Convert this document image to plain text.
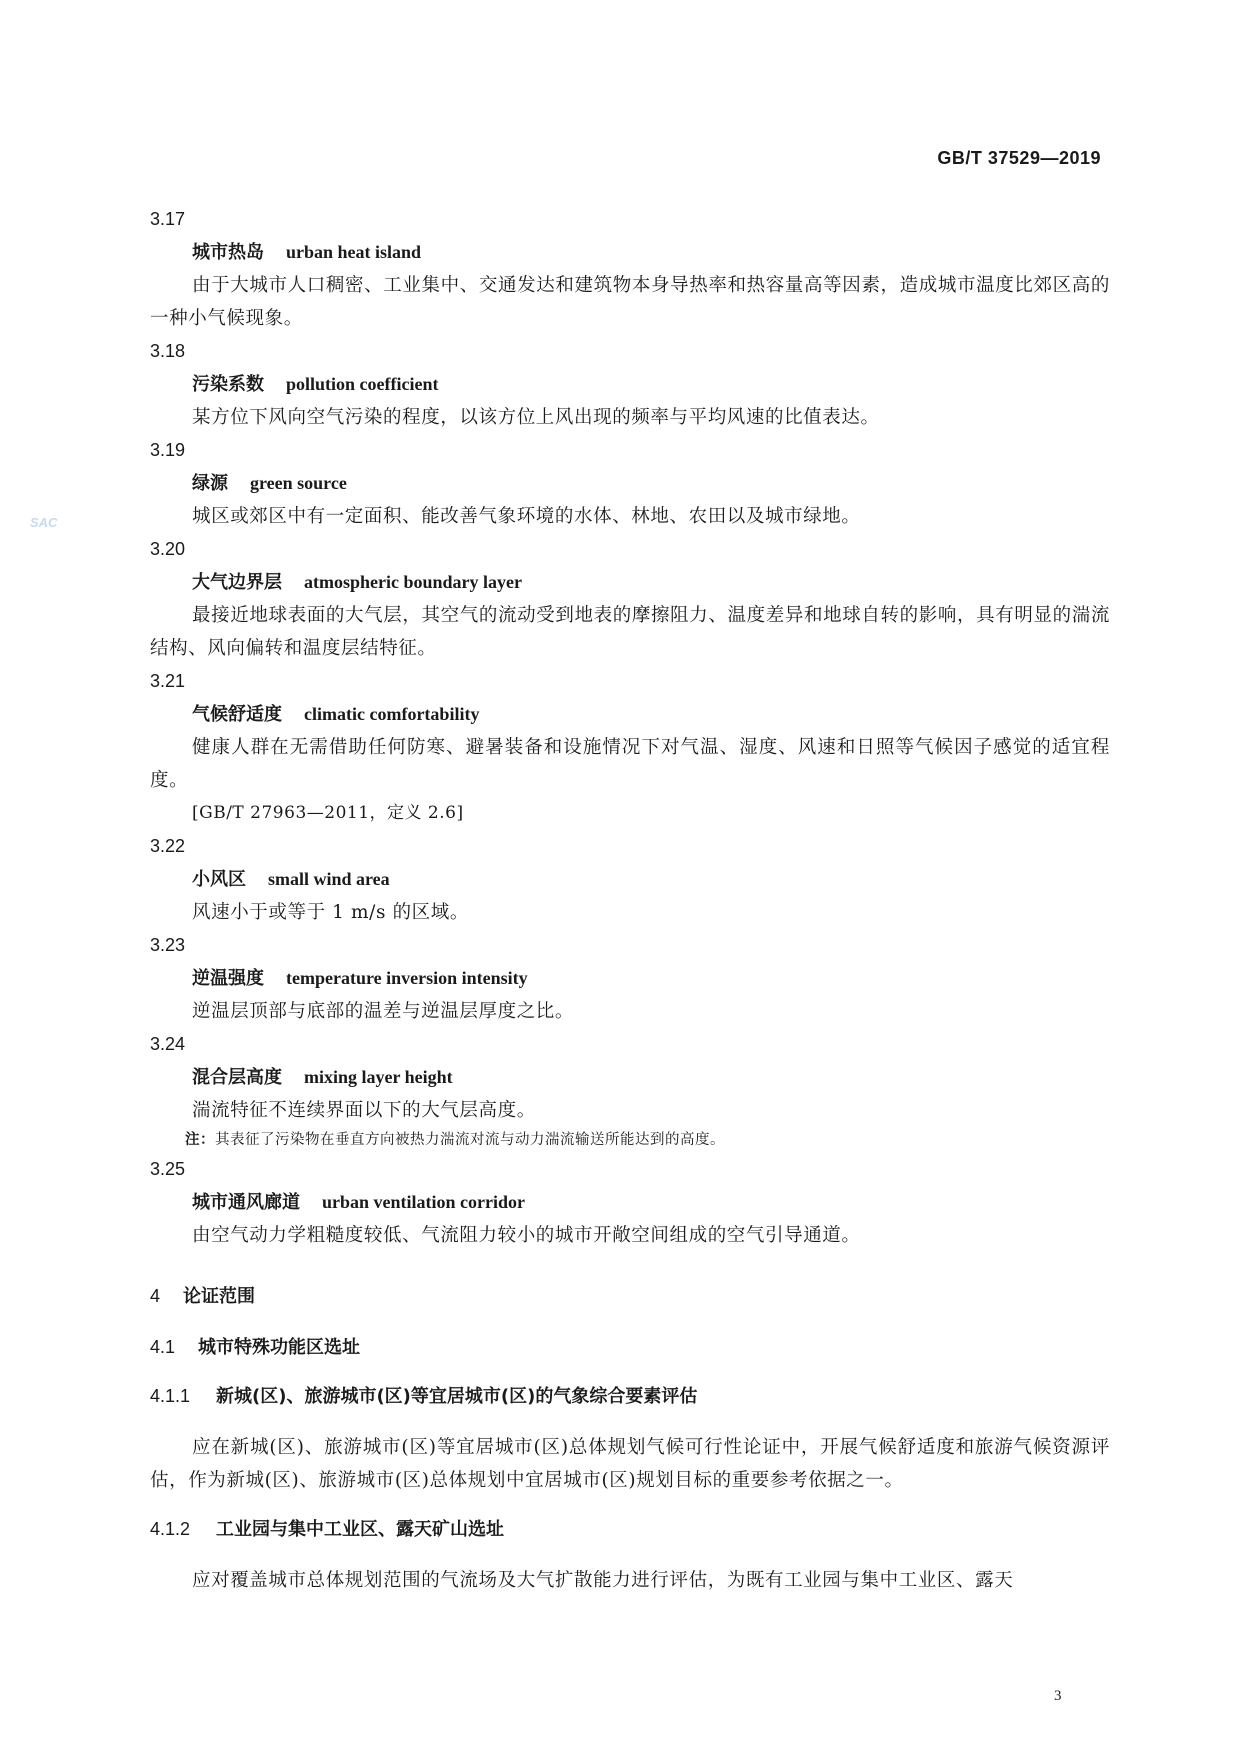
GB/T 37529—2019
SAC
3.17
城市热岛 urban heat island
由于大城市人口稠密、工业集中、交通发达和建筑物本身导热率和热容量高等因素，造成城市温度比郊区高的一种小气候现象。
3.18
污染系数 pollution coefficient
某方位下风向空气污染的程度，以该方位上风出现的频率与平均风速的比值表达。
3.19
绿源 green source
城区或郊区中有一定面积、能改善气象环境的水体、林地、农田以及城市绿地。
3.20
大气边界层 atmospheric boundary layer
最接近地球表面的大气层，其空气的流动受到地表的摩擦阻力、温度差异和地球自转的影响，具有明显的湍流结构、风向偏转和温度层结特征。
3.21
气候舒适度 climatic comfortability
健康人群在无需借助任何防寒、避暑装备和设施情况下对气温、湿度、风速和日照等气候因子感觉的适宜程度。
[GB/T 27963—2011，定义 2.6]
3.22
小风区 small wind area
风速小于或等于 1 m/s 的区域。
3.23
逆温强度 temperature inversion intensity
逆温层顶部与底部的温差与逆温层厚度之比。
3.24
混合层高度 mixing layer height
湍流特征不连续界面以下的大气层高度。
注：其表征了污染物在垂直方向被热力湍流对流与动力湍流输送所能达到的高度。
3.25
城市通风廊道 urban ventilation corridor
由空气动力学粗糙度较低、气流阻力较小的城市开敞空间组成的空气引导通道。
4 论证范围
4.1 城市特殊功能区选址
4.1.1 新城(区)、旅游城市(区)等宜居城市(区)的气象综合要素评估
应在新城(区)、旅游城市(区)等宜居城市(区)总体规划气候可行性论证中，开展气候舒适度和旅游气候资源评估，作为新城(区)、旅游城市(区)总体规划中宜居城市(区)规划目标的重要参考依据之一。
4.1.2 工业园与集中工业区、露天矿山选址
应对覆盖城市总体规划范围的气流场及大气扩散能力进行评估，为既有工业园与集中工业区、露天
3
